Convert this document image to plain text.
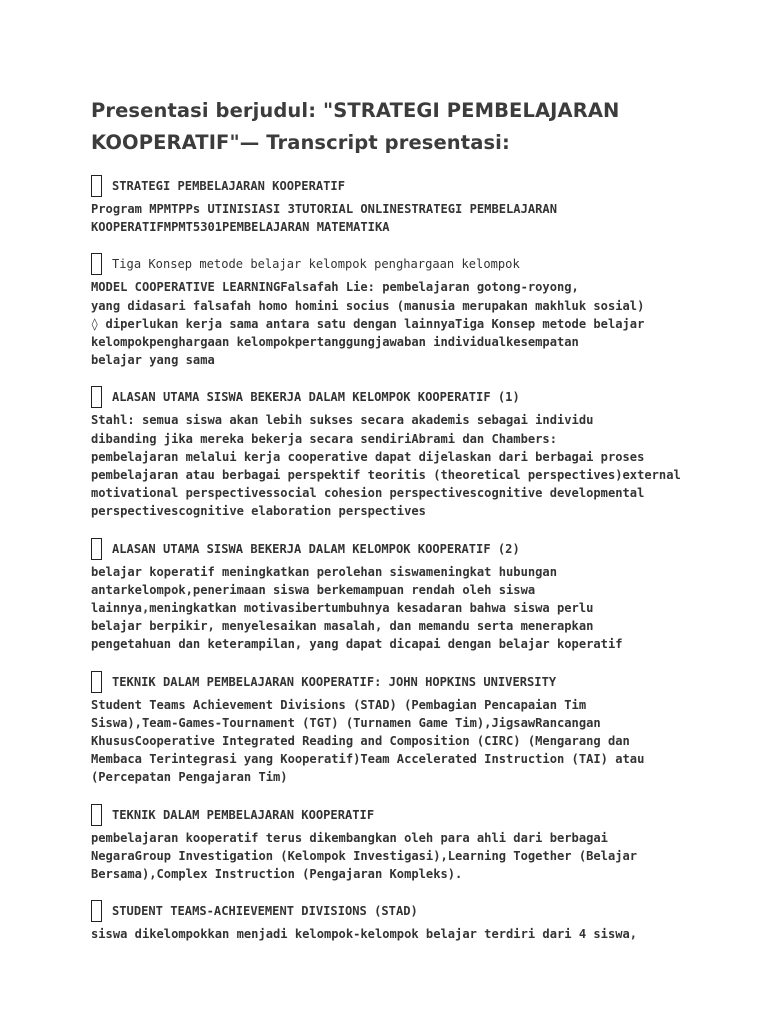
Presentasi berjudul: "STRATEGI PEMBELAJARAN KOOPERATIF"— Transcript presentasi:
STRATEGI PEMBELAJARAN KOOPERATIF
Program MPMTPPs UTINISIASI 3TUTORIAL ONLINESTRATEGI PEMBELAJARAN
KOOPERATIFMPMT5301PEMBELAJARAN MATEMATIKA
Tiga Konsep metode belajar kelompok penghargaan kelompok
MODEL COOPERATIVE LEARNINGFalsafah Lie: pembelajaran gotong-royong,
yang didasari falsafah homo homini socius (manusia merupakan makhluk sosial)
◊ diperlukan kerja sama antara satu dengan lainnyaTiga Konsep metode belajar
kelompokpenghargaan kelompokpertanggungjawaban individualkesempatan
belajar yang sama
ALASAN UTAMA SISWA BEKERJA DALAM KELOMPOK KOOPERATIF (1)
Stahl: semua siswa akan lebih sukses secara akademis sebagai individu
dibanding jika mereka bekerja secara sendiriAbrami dan Chambers:
pembelajaran melalui kerja cooperative dapat dijelaskan dari berbagai proses
pembelajaran atau berbagai perspektif teoritis (theoretical perspectives)external
motivational perspectivessocial cohesion perspectivescognitive developmental
perspectivescognitive elaboration perspectives
ALASAN UTAMA SISWA BEKERJA DALAM KELOMPOK KOOPERATIF (2)
belajar koperatif meningkatkan perolehan siswameningkat hubungan
antarkelompok,penerimaan siswa berkemampuan rendah oleh siswa
lainnya,meningkatkan motivasibertumbuhnya kesadaran bahwa siswa perlu
belajar berpikir, menyelesaikan masalah, dan memandu serta menerapkan
pengetahuan dan keterampilan, yang dapat dicapai dengan belajar koperatif
TEKNIK DALAM PEMBELAJARAN KOOPERATIF: JOHN HOPKINS UNIVERSITY
Student Teams Achievement Divisions (STAD) (Pembagian Pencapaian Tim
Siswa),Team-Games-Tournament (TGT) (Turnamen Game Tim),JigsawRancangan
KhususCooperative Integrated Reading and Composition (CIRC) (Mengarang dan
Membaca Terintegrasi yang Kooperatif)Team Accelerated Instruction (TAI) atau
(Percepatan Pengajaran Tim)
TEKNIK DALAM PEMBELAJARAN KOOPERATIF
pembelajaran kooperatif terus dikembangkan oleh para ahli dari berbagai
NegaraGroup Investigation (Kelompok Investigasi),Learning Together (Belajar
Bersama),Complex Instruction (Pengajaran Kompleks).
STUDENT TEAMS-ACHIEVEMENT DIVISIONS (STAD)
siswa dikelompokkan menjadi kelompok-kelompok belajar terdiri dari 4 siswa,
